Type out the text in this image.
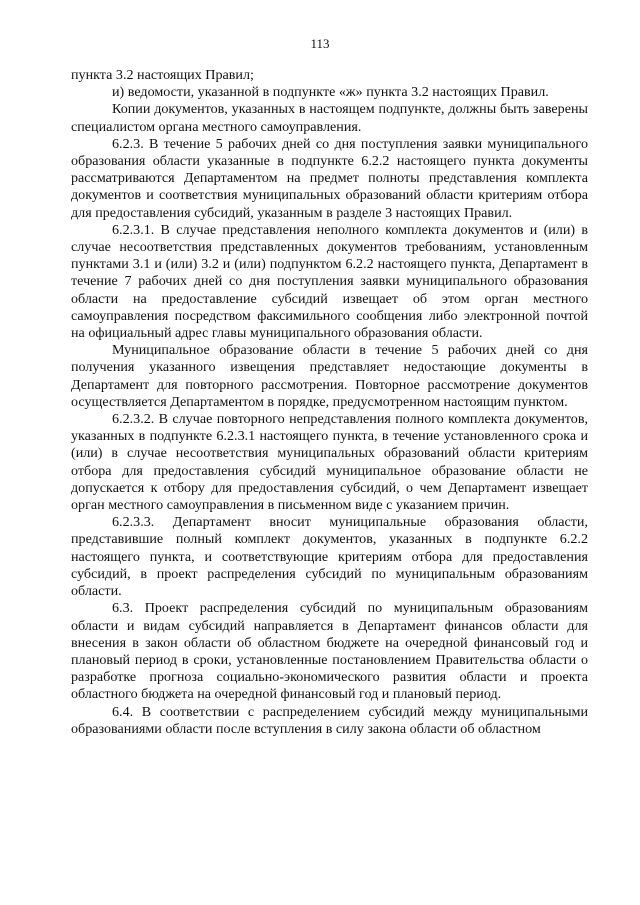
113

пункта 3.2 настоящих Правил;

и) ведомости, указанной в подпункте «ж» пункта 3.2 настоящих Правил.

Копии документов, указанных в настоящем подпункте, должны быть заверены специалистом органа местного самоуправления.

6.2.3. В течение 5 рабочих дней со дня поступления заявки муниципального образования области указанные в подпункте 6.2.2 настоящего пункта документы рассматриваются Департаментом на предмет полноты представления комплекта документов и соответствия муниципальных образований области критериям отбора для предоставления субсидий, указанным в разделе 3 настоящих Правил.

6.2.3.1. В случае представления неполного комплекта документов и (или) в случае несоответствия представленных документов требованиям, установленным пунктами 3.1 и (или) 3.2 и (или) подпунктом 6.2.2 настоящего пункта, Департамент в течение 7 рабочих дней со дня поступления заявки муниципального образования области на предоставление субсидий извещает об этом орган местного самоуправления посредством факсимильного сообщения либо электронной почтой на официальный адрес главы муниципального образования области.

Муниципальное образование области в течение 5 рабочих дней со дня получения указанного извещения представляет недостающие документы в Департамент для повторного рассмотрения. Повторное рассмотрение документов осуществляется Департаментом в порядке, предусмотренном настоящим пунктом.

6.2.3.2. В случае повторного непредставления полного комплекта документов, указанных в подпункте 6.2.3.1 настоящего пункта, в течение установленного срока и (или) в случае несоответствия муниципальных образований области критериям отбора для предоставления субсидий муниципальное образование области не допускается к отбору для предоставления субсидий, о чем Департамент извещает орган местного самоуправления в письменном виде с указанием причин.

6.2.3.3. Департамент вносит муниципальные образования области, представившие полный комплект документов, указанных в подпункте 6.2.2 настоящего пункта, и соответствующие критериям отбора для предоставления субсидий, в проект распределения субсидий по муниципальным образованиям области.

6.3. Проект распределения субсидий по муниципальным образованиям области и видам субсидий направляется в Департамент финансов области для внесения в закон области об областном бюджете на очередной финансовый год и плановый период в сроки, установленные постановлением Правительства области о разработке прогноза социально-экономического развития области и проекта областного бюджета на очередной финансовый год и плановый период.

6.4. В соответствии с распределением субсидий между муниципальными образованиями области после вступления в силу закона области об областном
